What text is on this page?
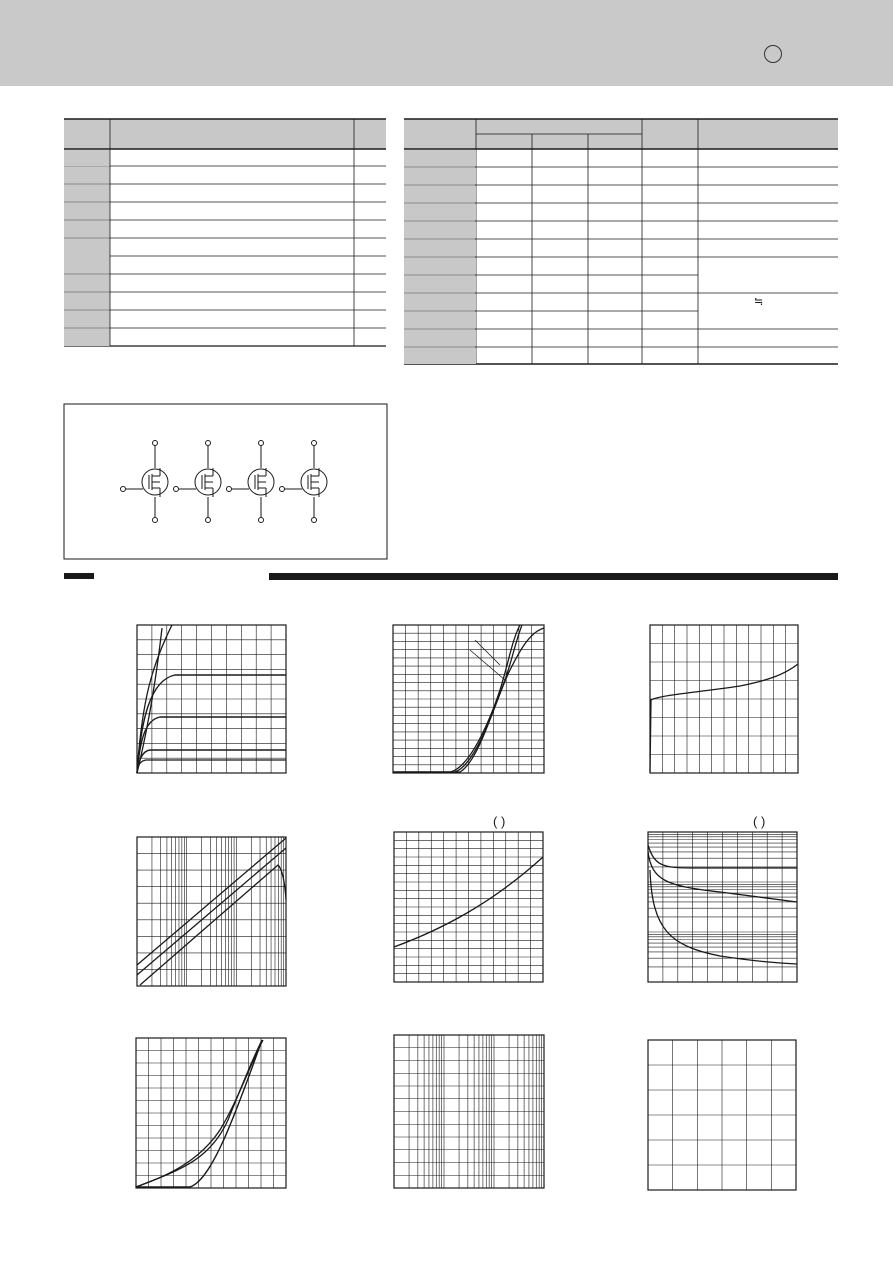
≒
( )	( )
